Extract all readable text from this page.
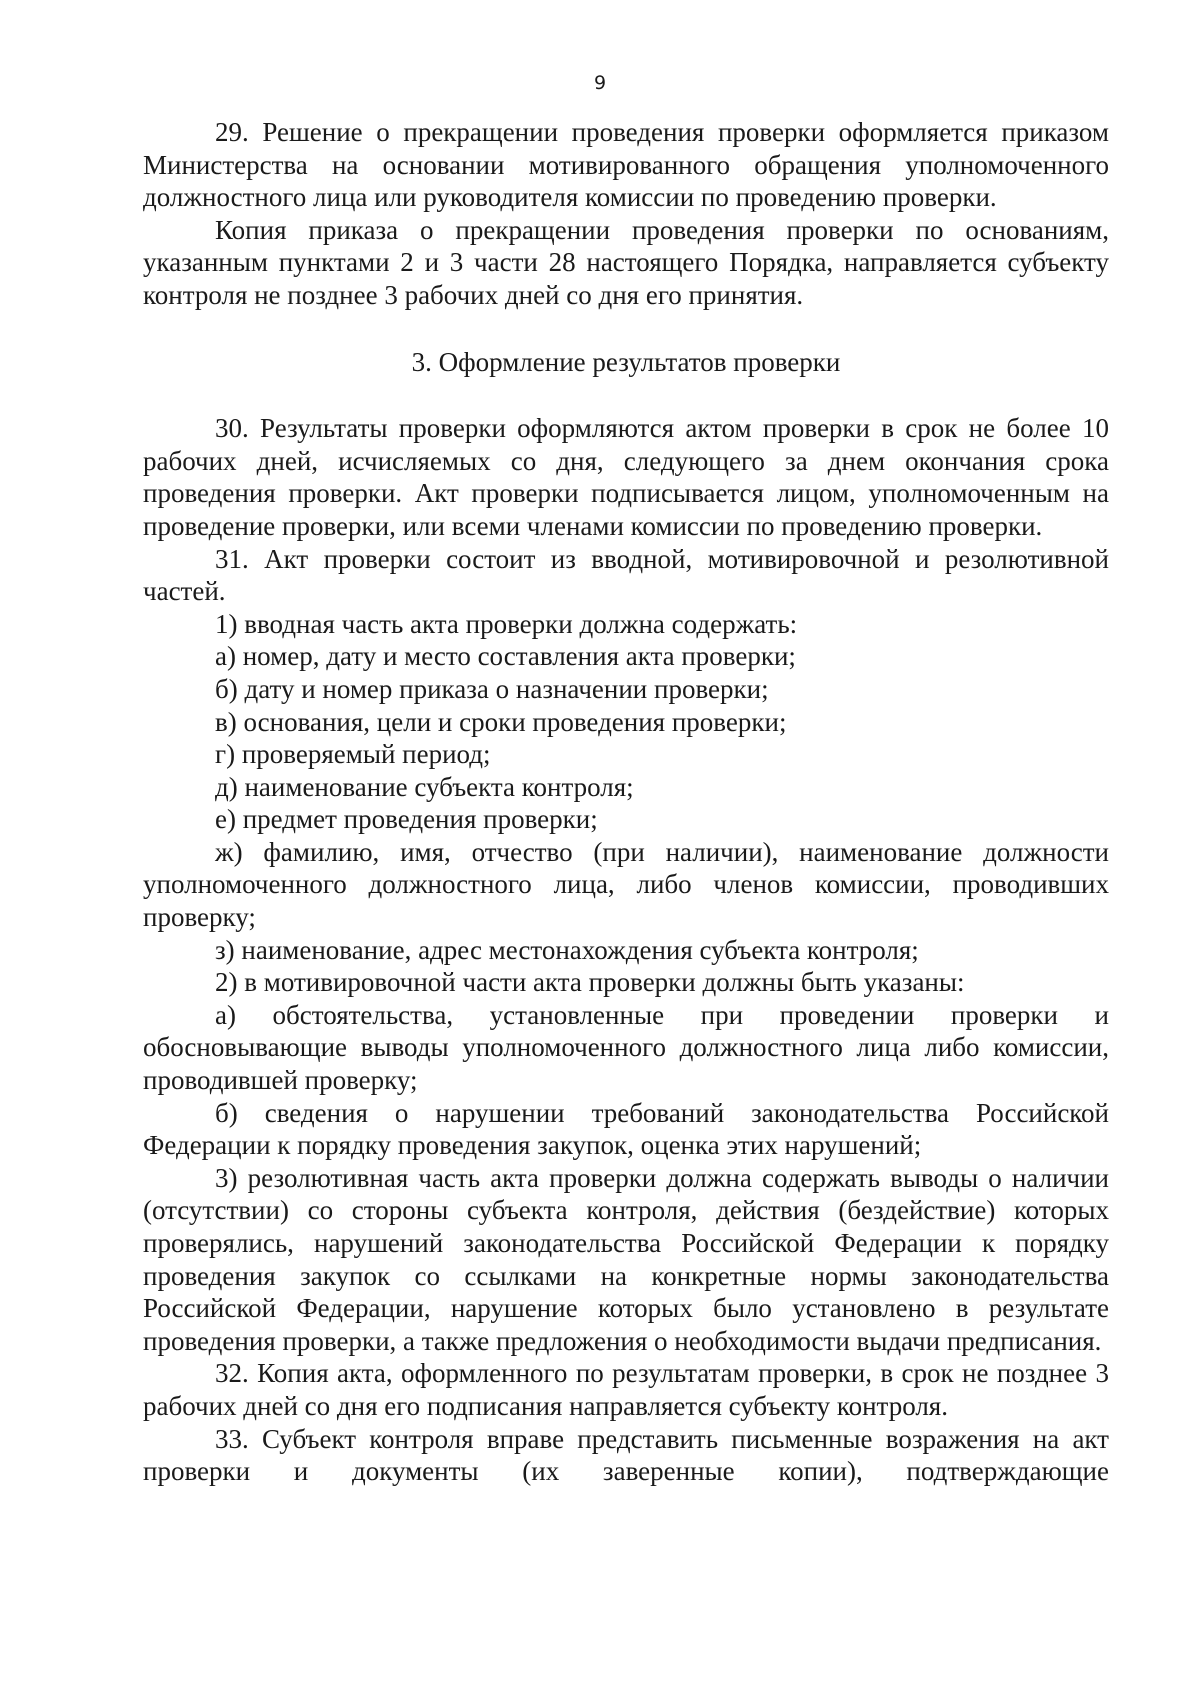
9

29. Решение о прекращении проведения проверки оформляется приказом Министерства на основании мотивированного обращения уполномоченного должностного лица или руководителя комиссии по проведению проверки.

Копия приказа о прекращении проведения проверки по основаниям, указанным пунктами 2 и 3 части 28 настоящего Порядка, направляется субъекту контроля не позднее 3 рабочих дней со дня его принятия.

3. Оформление результатов проверки

30. Результаты проверки оформляются актом проверки в срок не более 10 рабочих дней, исчисляемых со дня, следующего за днем окончания срока проведения проверки. Акт проверки подписывается лицом, уполномоченным на проведение проверки, или всеми членами комиссии по проведению проверки.

31. Акт проверки состоит из вводной, мотивировочной и резолютивной частей.

1) вводная часть акта проверки должна содержать:

а) номер, дату и место составления акта проверки;

б) дату и номер приказа о назначении проверки;

в) основания, цели и сроки проведения проверки;

г) проверяемый период;

д) наименование субъекта контроля;

е) предмет проведения проверки;

ж) фамилию, имя, отчество (при наличии), наименование должности уполномоченного должностного лица, либо членов комиссии, проводивших проверку;

з) наименование, адрес местонахождения субъекта контроля;

2) в мотивировочной части акта проверки должны быть указаны:

а) обстоятельства, установленные при проведении проверки и обосновывающие выводы уполномоченного должностного лица либо комиссии, проводившей проверку;

б) сведения о нарушении требований законодательства Российской Федерации к порядку проведения закупок, оценка этих нарушений;

3) резолютивная часть акта проверки должна содержать выводы о наличии (отсутствии) со стороны субъекта контроля, действия (бездействие) которых проверялись, нарушений законодательства Российской Федерации к порядку проведения закупок со ссылками на конкретные нормы законодательства Российской Федерации, нарушение которых было установлено в результате проведения проверки, а также предложения о необходимости выдачи предписания.

32. Копия акта, оформленного по результатам проверки, в срок не позднее 3 рабочих дней со дня его подписания направляется субъекту контроля.

33. Субъект контроля вправе представить письменные возражения на акт проверки и документы (их заверенные копии), подтверждающие
